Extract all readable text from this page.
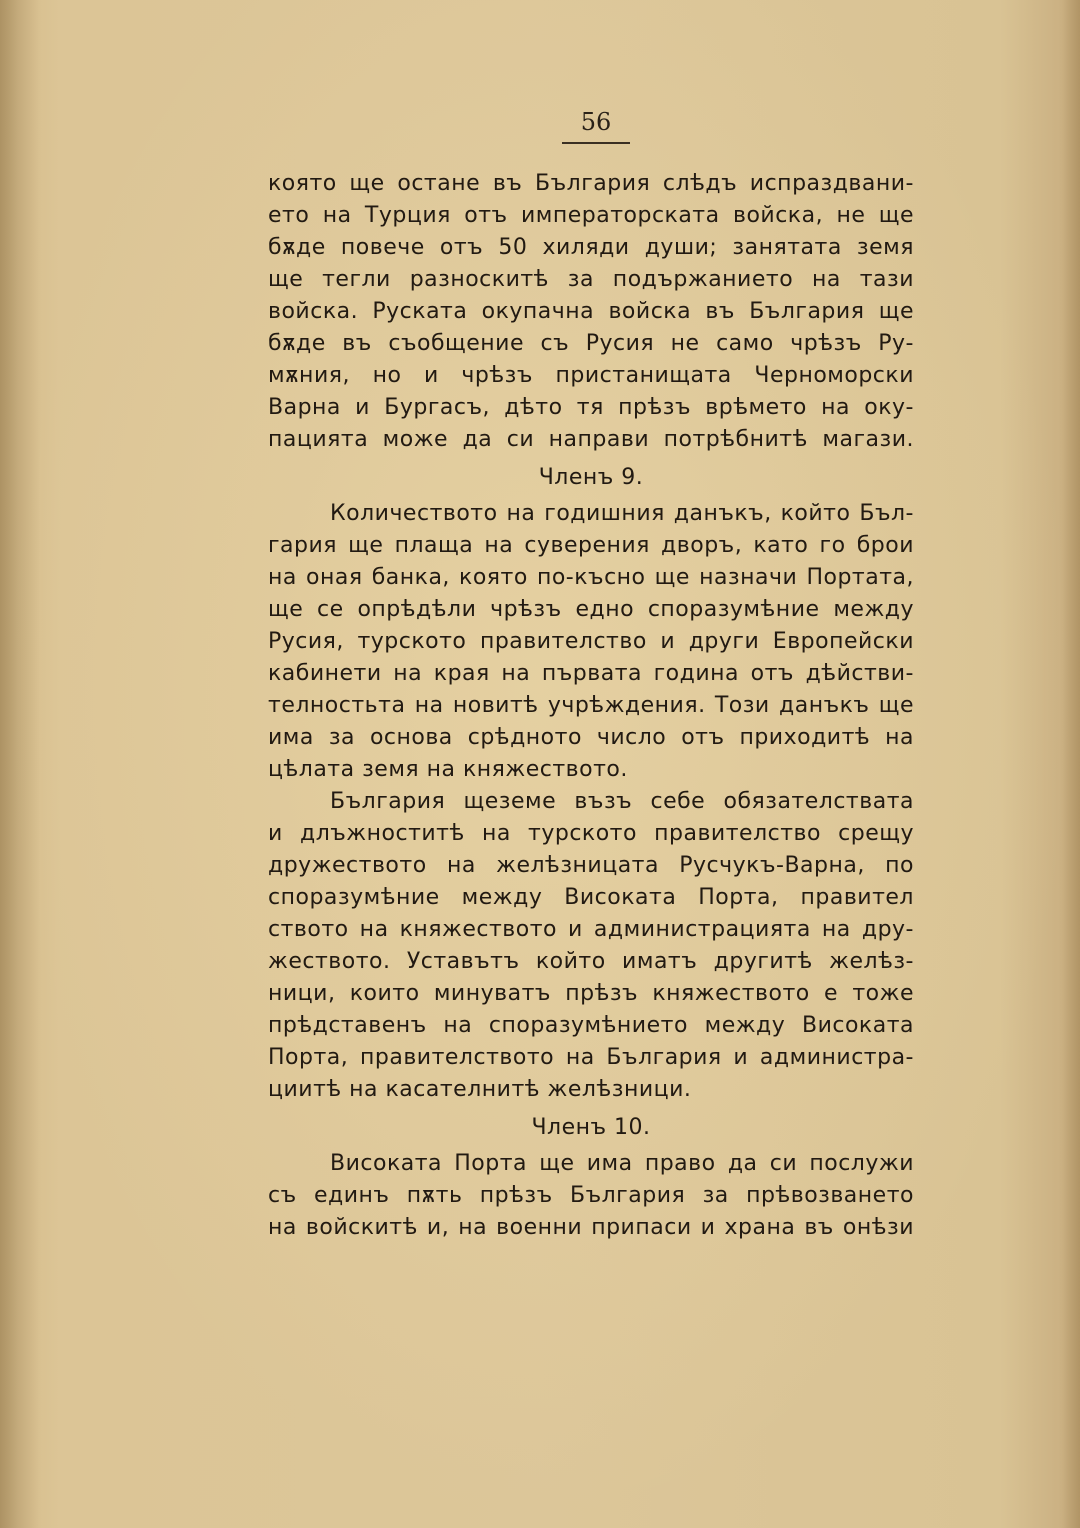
56
която ще остане въ България слѣдъ испраздвани-
ето на Турция отъ императорската войска, не ще
бѫде повече отъ 50 хиляди души; занятата земя
ще тегли разноскитѣ за подържанието на тази
войска. Руската окупачна войска въ България ще
бѫде въ съобщение съ Русия не само чрѣзъ Ру-
мѫния, но и чрѣзъ пристанищата Черноморски
Варна и Бургасъ, дѣто тя прѣзъ врѣмето на оку-
пацията може да си направи потрѣбнитѣ магази.
Членъ 9.
Количеството на годишния данъкъ, който Бъл-
гария ще плаща на суверения дворъ, като го брои
на оная банка, която по-късно ще назначи Портата,
ще се опрѣдѣли чрѣзъ едно споразумѣние между
Русия, турското правителство и други Европейски
кабинети на края на първата година отъ дѣйстви-
телностьта на новитѣ учрѣждения. Този данъкъ ще
има за основа срѣдното число отъ приходитѣ на
цѣлата земя на княжеството.
България щеземе възъ себе обязателствата
и длъжноститѣ на турското правителство срещу
дружеството на желѣзницата Русчукъ-Варна, по
споразумѣние между Високата Порта, правител
ството на княжеството и администрацията на дру-
жеството. Уставътъ който иматъ другитѣ желѣз-
ници, които минуватъ прѣзъ княжеството е тоже
прѣдставенъ на споразумѣнието между Високата
Порта, правителството на България и администра-
циитѣ на касателнитѣ желѣзници.
Членъ 10.
Високата Порта ще има право да си послужи
съ единъ пѫть прѣзъ България за прѣвозването
на войскитѣ и, на военни припаси и храна въ онѣзи
